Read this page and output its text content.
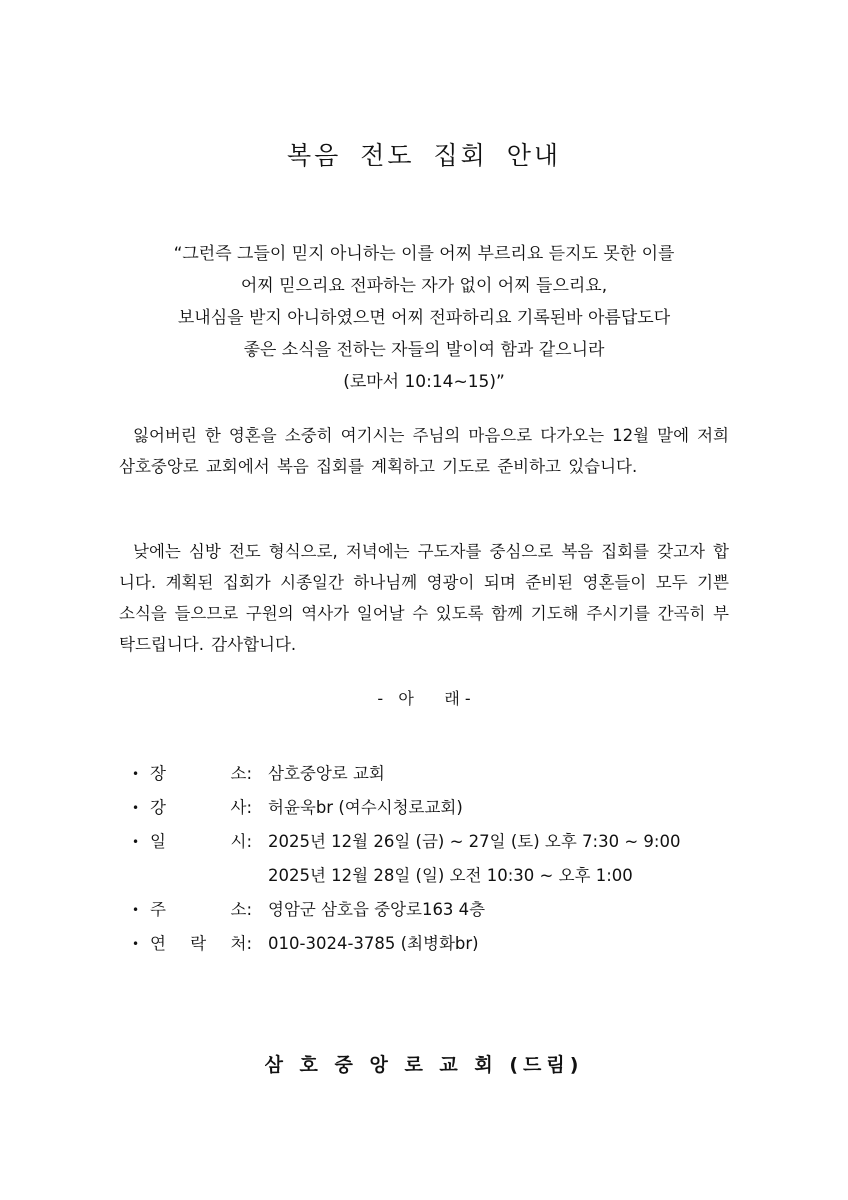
복음 전도 집회 안내
“그런즉 그들이 믿지 아니하는 이를 어찌 부르리요 듣지도 못한 이를
어찌 믿으리요 전파하는 자가 없이 어찌 들으리요,
보내심을 받지 아니하였으면 어찌 전파하리요 기록된바 아름답도다
좋은 소식을 전하는 자들의 발이여 함과 같으니라
(로마서 10:14~15)”
잃어버린 한 영혼을 소중히 여기시는 주님의 마음으로 다가오는 12월 말에 저희 삼호중앙로 교회에서 복음 집회를 계획하고 기도로 준비하고 있습니다.
낮에는 심방 전도 형식으로, 저녁에는 구도자를 중심으로 복음 집회를 갖고자 합니다. 계획된 집회가 시종일간 하나님께 영광이 되며 준비된 영혼들이 모두 기쁜 소식을 들으므로 구원의 역사가 일어날 수 있도록 함께 기도해 주시기를 간곡히 부탁드립니다. 감사합니다.
-   아      래 -
• 장	소: 삼호중앙로 교회
• 강	사: 허윤욱br (여수시청로교회)
• 일	시: 2025년 12월 26일 (금) ~ 27일 (토) 오후 7:30 ~ 9:00
2025년 12월 28일 (일) 오전 10:30 ~ 오후 1:00
• 주	소: 영암군 삼호읍 중앙로163 4층
• 연 락 처: 010-3024-3785 (최병화br)
삼 호 중 앙 로 교 회 (드림)
